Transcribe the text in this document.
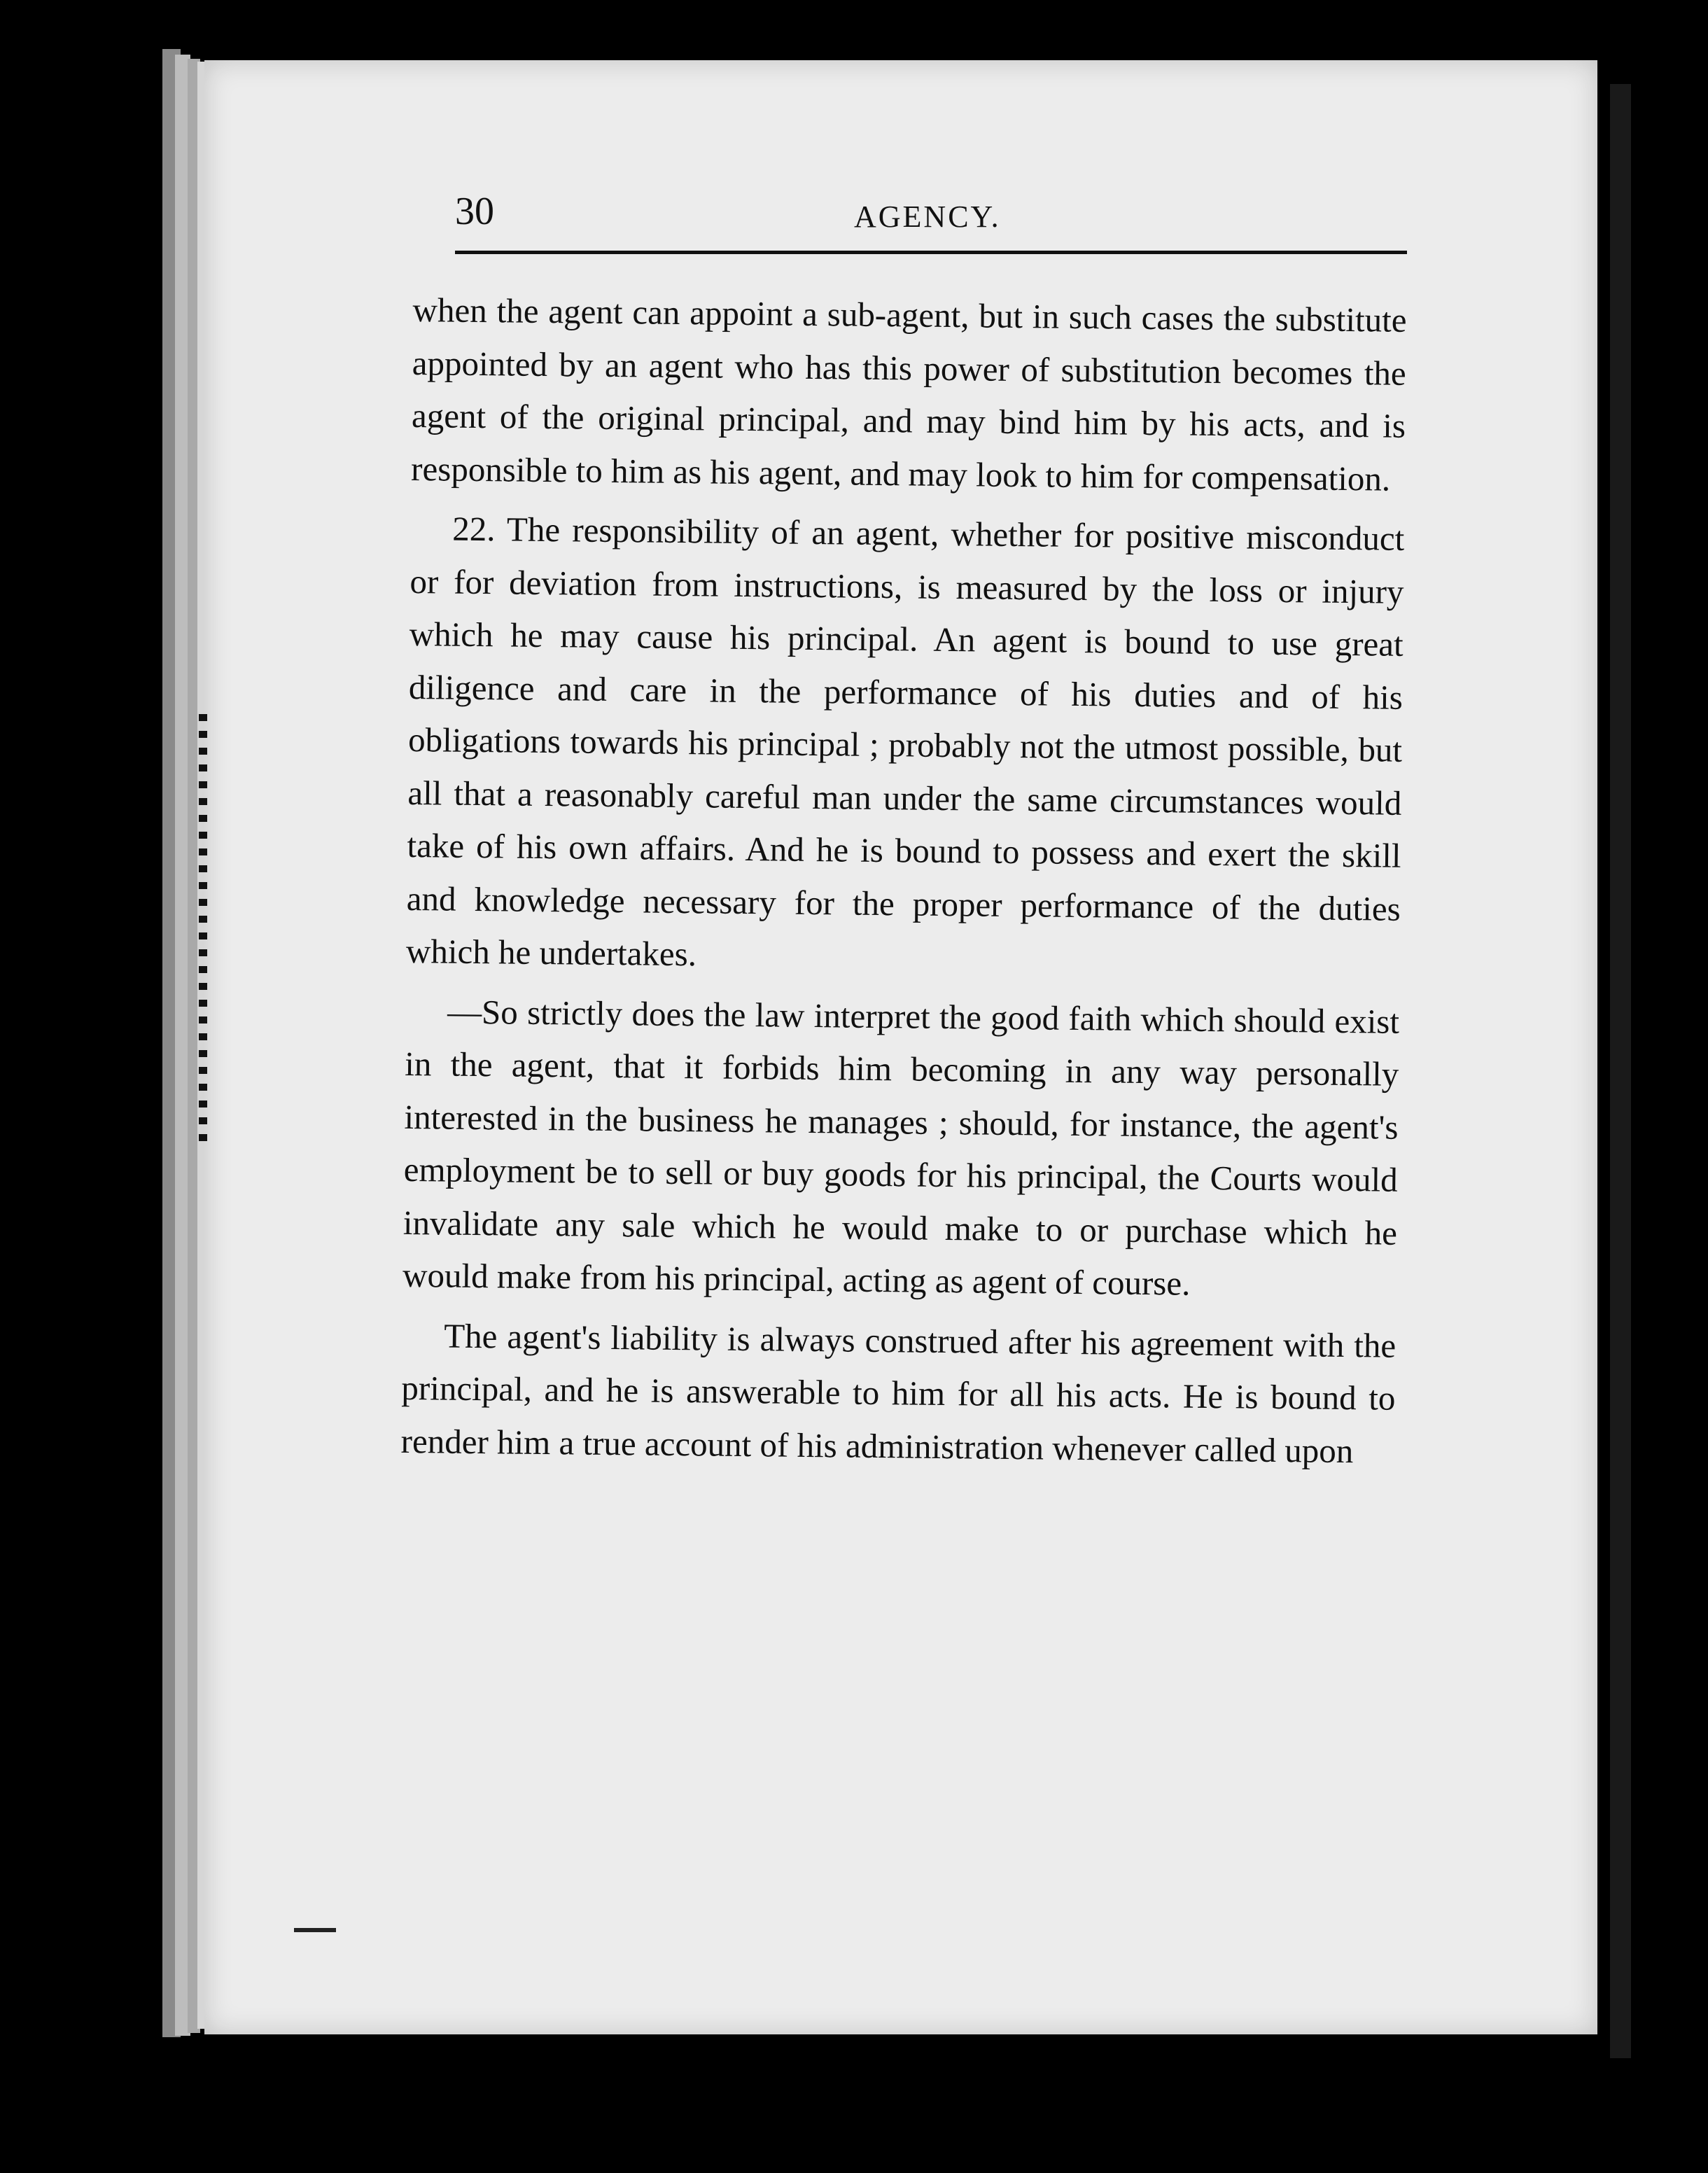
30	AGENCY.

when the agent can appoint a sub-agent, but in such cases the substitute appointed by an agent who has this power of substitution becomes the agent of the original principal, and may bind him by his acts, and is responsible to him as his agent, and may look to him for compensation.

22. The responsibility of an agent, whether for positive misconduct or for deviation from instructions, is measured by the loss or injury which he may cause his principal. An agent is bound to use great diligence and care in the performance of his duties and of his obligations towards his principal ; probably not the utmost possible, but all that a reasonably careful man under the same circumstances would take of his own affairs. And he is bound to possess and exert the skill and knowledge necessary for the proper performance of the duties which he undertakes.

—So strictly does the law interpret the good faith which should exist in the agent, that it forbids him becoming in any way personally interested in the business he manages ; should, for instance, the agent's employment be to sell or buy goods for his principal, the Courts would invalidate any sale which he would make to or purchase which he would make from his principal, acting as agent of course.

The agent's liability is always construed after his agreement with the principal, and he is answerable to him for all his acts. He is bound to render him a true account of his administration whenever called upon
